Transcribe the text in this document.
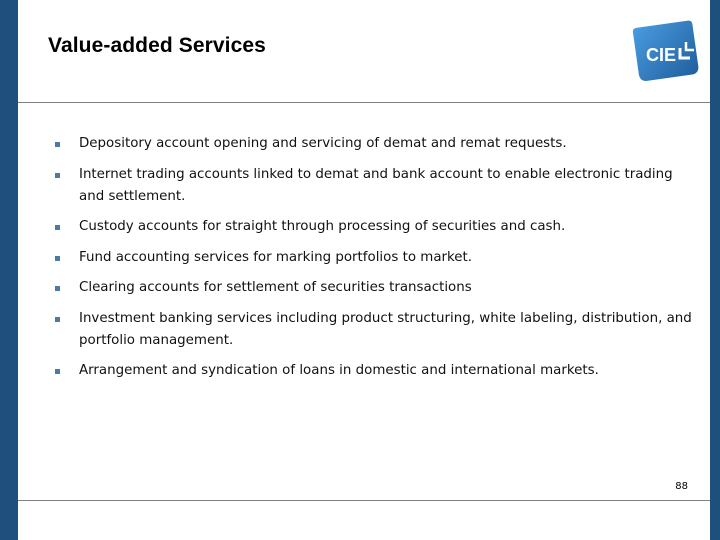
Value-added Services	CIE
Depository account opening and servicing of demat and remat requests.
Internet trading accounts linked to demat and bank account to enable electronic trading and settlement.
Custody accounts for straight through processing of securities and cash.
Fund accounting services for marking portfolios to market.
Clearing accounts for settlement of securities transactions
Investment banking services including product structuring, white labeling, distribution, and portfolio management.
Arrangement and syndication of loans in domestic and international markets.
88
